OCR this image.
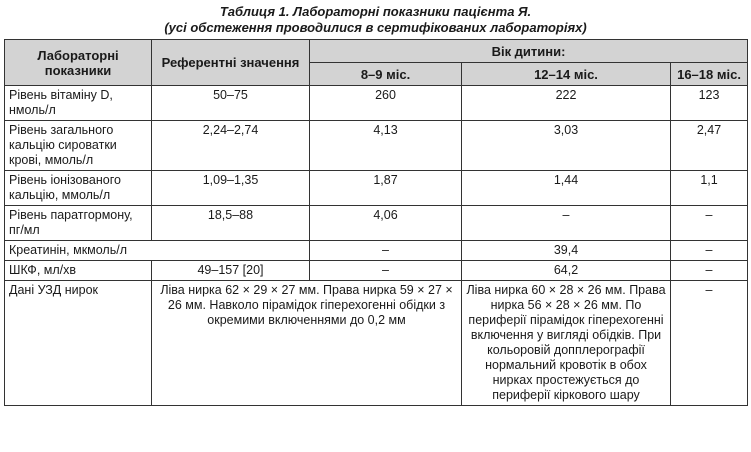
Таблиця 1. Лабораторні показники пацієнта Я.
(усі обстеження проводилися в сертифікованих лабораторіях)
Лабораторні показники	Референтні значення	Вік дитини:		
		8–9 міс.	12–14 міс.	16–18 міс.
Рівень вітаміну D, нмоль/л	50–75	260	222	123
Рівень загального кальцію сироватки крові, ммоль/л	2,24–2,74	4,13	3,03	2,47
Рівень іонізованого кальцію, ммоль/л	1,09–1,35	1,87	1,44	1,1
Рівень паратгормону, пг/мл	18,5–88	4,06	–	–
Креатинін, мкмоль/л		–	39,4	–
ШКФ, мл/хв	49–157 [20]	–	64,2	–
Дані УЗД нирок	Ліва нирка 62 × 29 × 27 мм. Права нирка 59 × 27 × 26 мм. Навколо пірамідок гіперехогенні обідки з окремими включеннями до 0,2 мм		Ліва нирка 60 × 28 × 26 мм. Права нирка 56 × 28 × 26 мм. По периферії пірамідок гіперехогенні включення у вигляді обідків. При кольоровій допплерографії нормальний кровотік в обох нирках простежується до периферії кіркового шару	–
